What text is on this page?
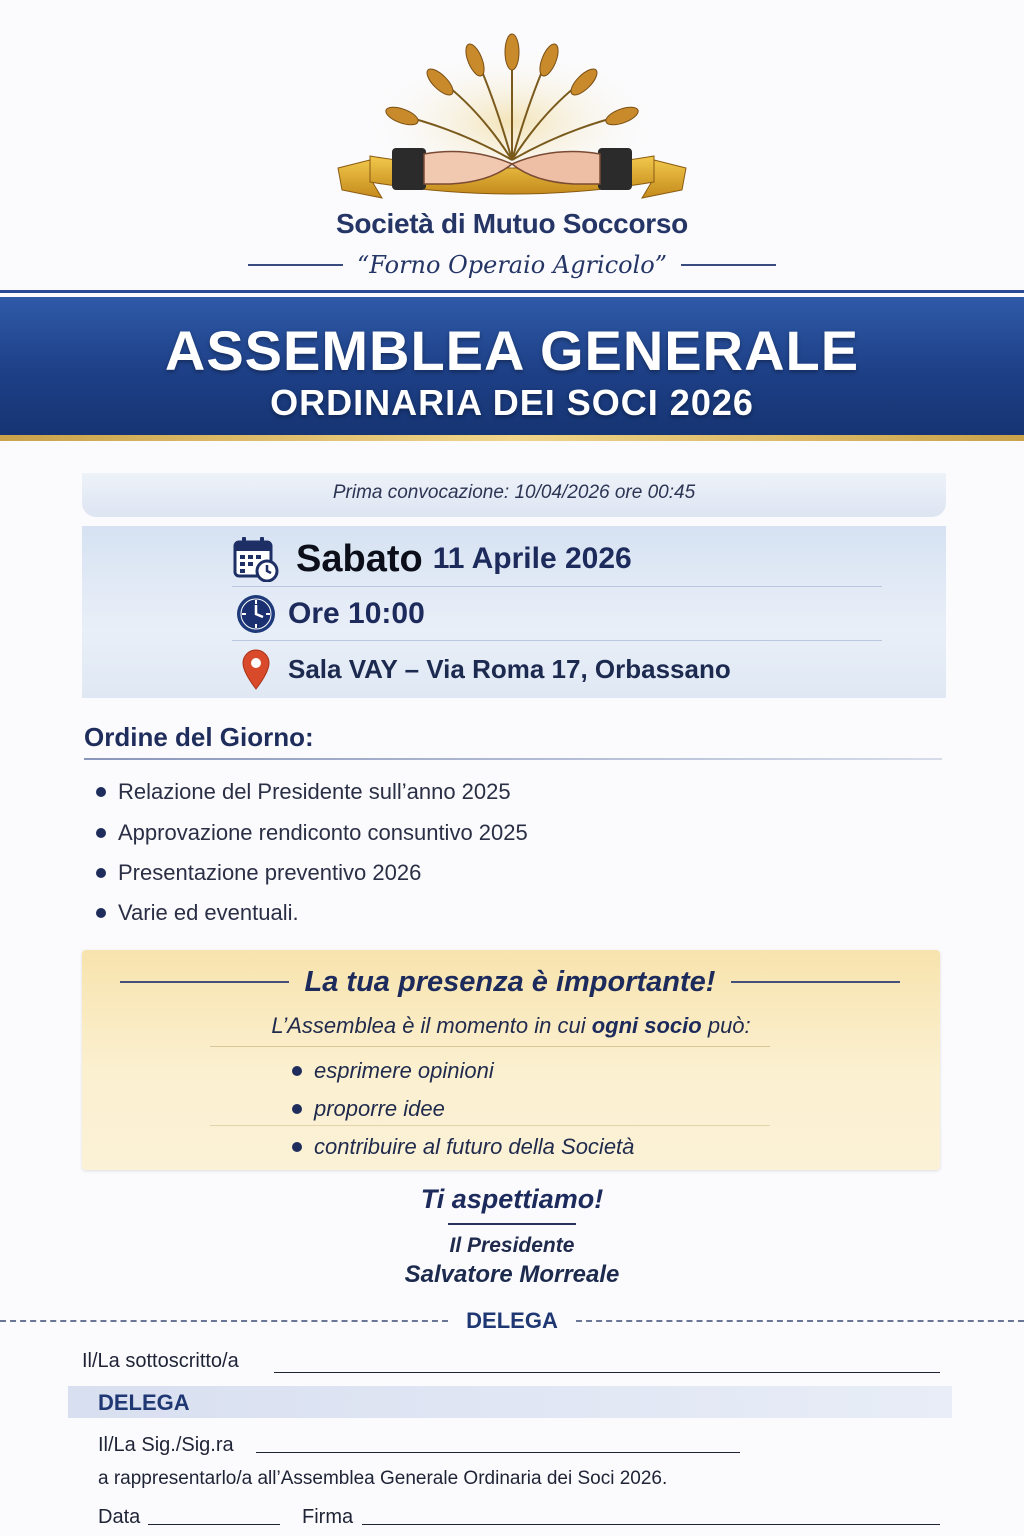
Società di Mutuo Soccorso
“Forno Operaio Agricolo”
ASSEMBLEA GENERALE
ORDINARIA DEI SOCI 2026
Prima convocazione: 10/04/2026 ore 00:45
Sabato 11 Aprile 2026
Ore 10:00
Sala VAY – Via Roma 17, Orbassano
Ordine del Giorno:
Relazione del Presidente sull’anno 2025
Approvazione rendiconto consuntivo 2025
Presentazione preventivo 2026
Varie ed eventuali.
La tua presenza è importante!
L’Assemblea è il momento in cui ogni socio può:
esprimere opinioni
proporre idee
contribuire al futuro della Società
Ti aspettiamo!
Il Presidente
Salvatore Morreale
DELEGA
Il/La sottoscritto/a
DELEGA
Il/La Sig./Sig.ra
a rappresentarlo/a all’Assemblea Generale Ordinaria dei Soci 2026.
Data	Firma
